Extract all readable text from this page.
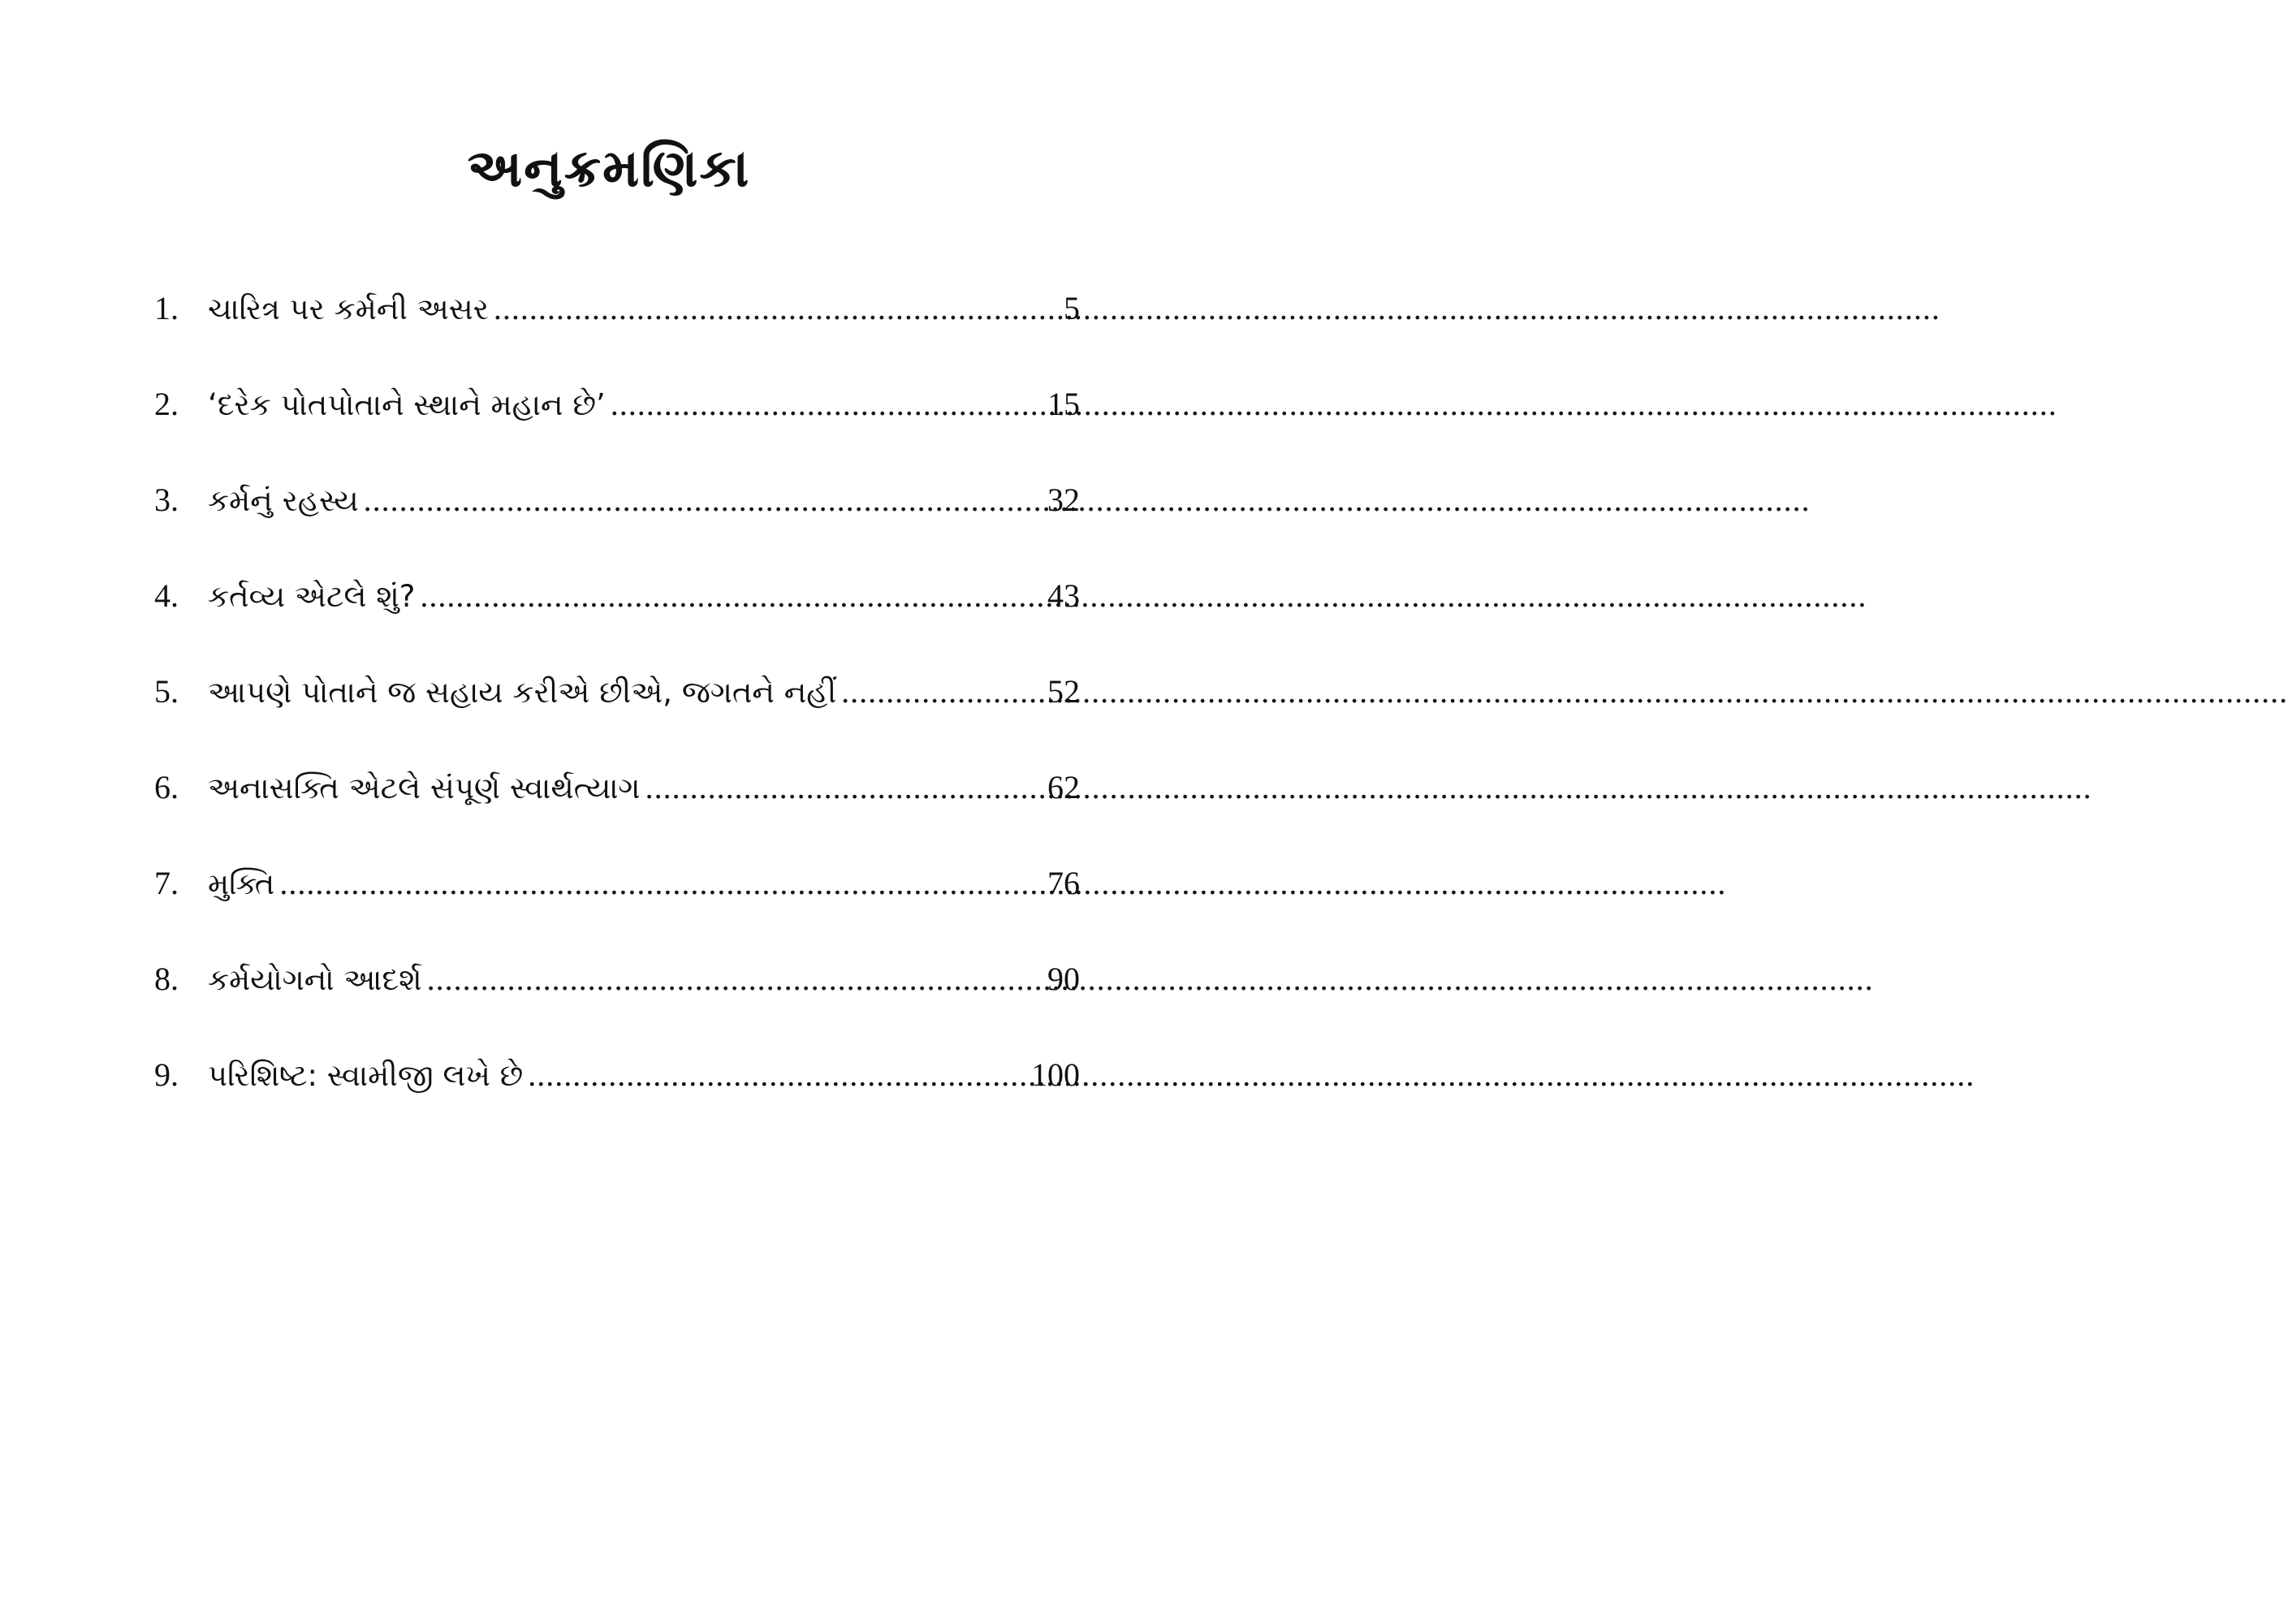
અનુક્રમણિકા
1. ચારિત્ર પર કર્મની અસર .....	5
2. ‘દરેક પોતપોતાને સ્થાને મહાન છે’ .....	15
3. કર્મનું રહસ્ય .....	32
4. કર્તવ્ય એટલે શું? .....	43
5. આપણે પોતાને જ સહાય કરીએ છીએ, જગતને નહીં .....	52
6. અનાસક્તિ એટલે સંપૂર્ણ સ્વાર્થત્યાગ .....	62
7. મુક્તિ .....	76
8. કર્મયોગનો આદર્શ .....	90
9. પરિશિષ્ટ: સ્વામીજી લખે છે .....	100
